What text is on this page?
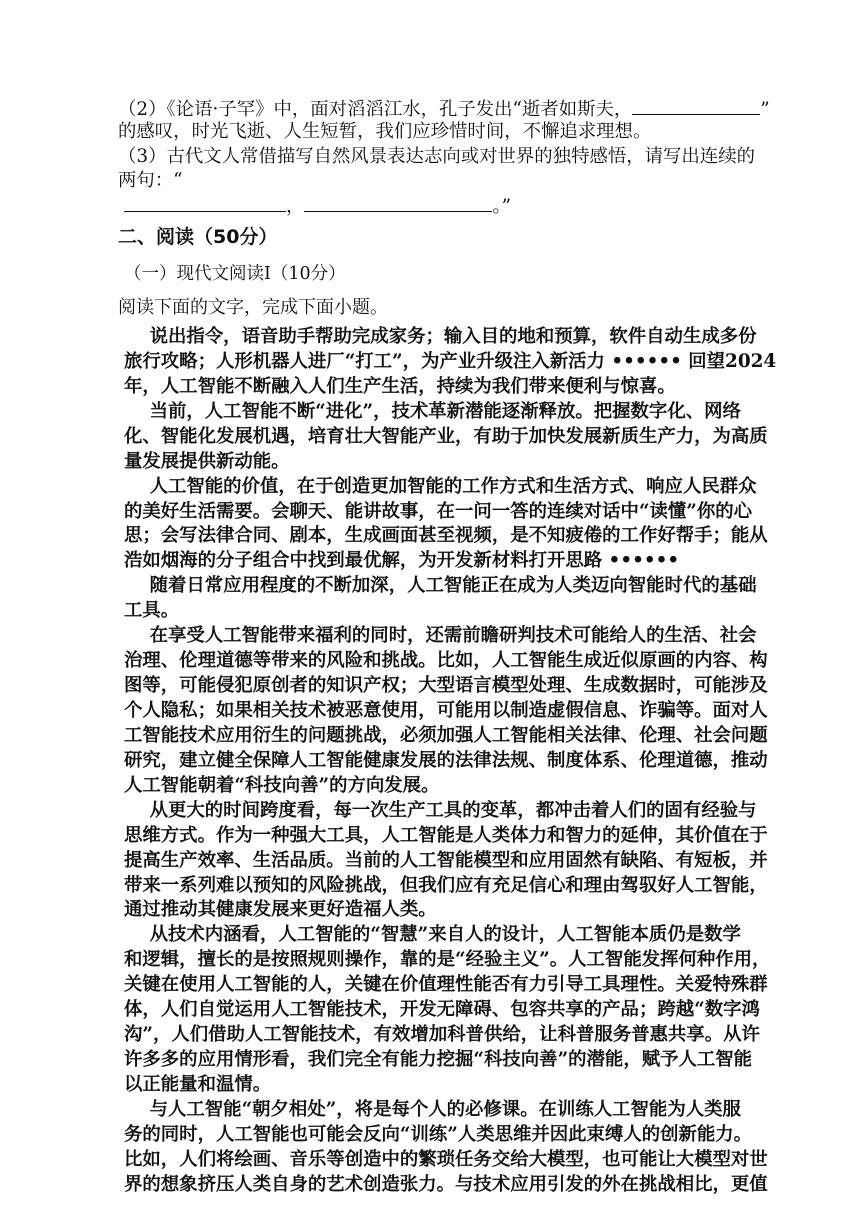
（2）《论语·子罕》中，面对滔滔江水，孔子发出“逝者如斯夫，	”
的感叹，时光飞逝、人生短暂，我们应珍惜时间，不懈追求理想。
（3）古代文人常借描写自然风景表达志向或对世界的独特感悟，请写出连续的
两句：“
，	。”
二、阅读（50分）
（一）现代文阅读Ⅰ（10分）
阅读下面的文字，完成下面小题。
说出指令，语音助手帮助完成家务；输入目的地和预算，软件自动生成多份
旅行攻略；人形机器人进厂“打工”，为产业升级注入新活力 •••••• 回望2024
年，人工智能不断融入人们生产生活，持续为我们带来便利与惊喜。
当前，人工智能不断“进化”，技术革新潜能逐渐释放。把握数字化、网络
化、智能化发展机遇，培育壮大智能产业，有助于加快发展新质生产力，为高质
量发展提供新动能。
人工智能的价值，在于创造更加智能的工作方式和生活方式、响应人民群众
的美好生活需要。会聊天、能讲故事，在一问一答的连续对话中“读懂”你的心
思；会写法律合同、剧本，生成画面甚至视频，是不知疲倦的工作好帮手；能从
浩如烟海的分子组合中找到最优解，为开发新材料打开思路 ••••••
随着日常应用程度的不断加深，人工智能正在成为人类迈向智能时代的基础
工具。
在享受人工智能带来福利的同时，还需前瞻研判技术可能给人的生活、社会
治理、伦理道德等带来的风险和挑战。比如，人工智能生成近似原画的内容、构
图等，可能侵犯原创者的知识产权；大型语言模型处理、生成数据时，可能涉及
个人隐私；如果相关技术被恶意使用，可能用以制造虚假信息、诈骗等。面对人
工智能技术应用衍生的问题挑战，必须加强人工智能相关法律、伦理、社会问题
研究，建立健全保障人工智能健康发展的法律法规、制度体系、伦理道德，推动
人工智能朝着“科技向善”的方向发展。
从更大的时间跨度看，每一次生产工具的变革，都冲击着人们的固有经验与
思维方式。作为一种强大工具，人工智能是人类体力和智力的延伸，其价值在于
提高生产效率、生活品质。当前的人工智能模型和应用固然有缺陷、有短板，并
带来一系列难以预知的风险挑战，但我们应有充足信心和理由驾驭好人工智能，
通过推动其健康发展来更好造福人类。
从技术内涵看，人工智能的“智慧”来自人的设计，人工智能本质仍是数学
和逻辑，擅长的是按照规则操作，靠的是“经验主义”。人工智能发挥何种作用，
关键在使用人工智能的人，关键在价值理性能否有力引导工具理性。关爱特殊群
体，人们自觉运用人工智能技术，开发无障碍、包容共享的产品；跨越“数字鸿
沟”，人们借助人工智能技术，有效增加科普供给，让科普服务普惠共享。从许
许多多的应用情形看，我们完全有能力挖掘“科技向善”的潜能，赋予人工智能
以正能量和温情。
与人工智能“朝夕相处”，将是每个人的必修课。在训练人工智能为人类服
务的同时，人工智能也可能会反向“训练”人类思维并因此束缚人的创新能力。
比如，人们将绘画、音乐等创造中的繁琐任务交给大模型，也可能让大模型对世
界的想象挤压人类自身的艺术创造张力。与技术应用引发的外在挑战相比，更值
